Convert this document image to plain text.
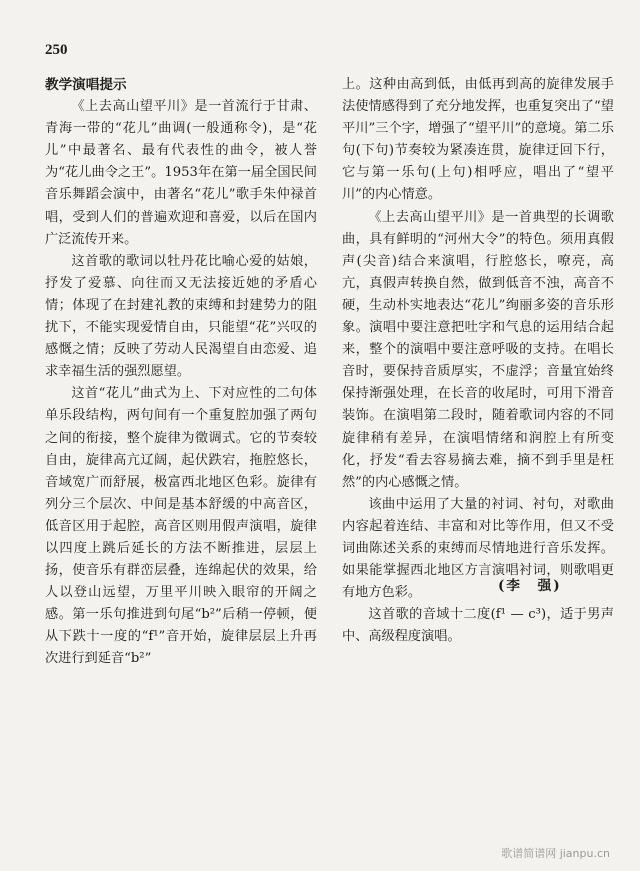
250
教学演唱提示

《上去高山望平川》是一首流行于甘肃、青海一带的“花儿”曲调(一般通称令)，是“花儿”中最著名、最有代表性的曲令，被人誉为“花儿曲令之王”。1953年在第一届全国民间音乐舞蹈会演中，由著名“花儿”歌手朱仲禄首唱，受到人们的普遍欢迎和喜爱，以后在国内广泛流传开来。

这首歌的歌词以牡丹花比喻心爱的姑娘，抒发了爱慕、向往而又无法接近她的矛盾心情；体现了在封建礼教的束缚和封建势力的阻扰下，不能实现爱情自由，只能望“花”兴叹的感慨之情；反映了劳动人民渴望自由恋爱、追求幸福生活的强烈愿望。

这首“花儿”曲式为上、下对应性的二句体单乐段结构，两句间有一个重复腔加强了两句之间的衔接，整个旋律为徵调式。它的节奏较自由，旋律高亢辽阔，起伏跌宕，拖腔悠长，音域宽广而舒展，极富西北地区色彩。旋律有列分三个层次、中间是基本舒缓的中高音区，低音区用于起腔，高音区则用假声演唱，旋律以四度上跳后延长的方法不断推进，层层上扬，使音乐有群峦层叠，连绵起伏的效果，给人以登山远望，万里平川映入眼帘的开阔之感。第一乐句推进到句尾“b²”后稍一停顿，便从下跌十一度的“f¹”音开始，旋律层层上升再次进行到延音“b²”

上。这种由高到低，由低再到高的旋律发展手法使情感得到了充分地发挥，也重复突出了“望平川”三个字，增强了“望平川”的意境。第二乐句(下句)节奏较为紧凑连贯，旋律迂回下行，它与第一乐句(上句)相呼应，唱出了“望平川”的内心情意。

《上去高山望平川》是一首典型的长调歌曲，具有鲜明的“河州大令”的特色。须用真假声(尖音)结合来演唱，行腔悠长，嘹亮，高亢，真假声转换自然，做到低音不浊，高音不硬，生动朴实地表达“花儿”绚丽多姿的音乐形象。演唱中要注意把吐字和气息的运用结合起来，整个的演唱中要注意呼吸的支持。在唱长音时，要保持音质厚实，不虚浮；音量宜始终保持渐强处理，在长音的收尾时，可用下滑音装饰。在演唱第二段时，随着歌词内容的不同旋律稍有差异，在演唱情绪和润腔上有所变化，抒发“看去容易摘去难，摘不到手里是枉然”的内心感慨之情。

该曲中运用了大量的衬词、衬句，对歌曲内容起着连结、丰富和对比等作用，但又不受词曲陈述关系的束缚而尽情地进行音乐发挥。如果能掌握西北地区方言演唱衬词，则歌唱更有地方色彩。

这首歌的音域十二度(f¹ — c³)，适于男声中、高级程度演唱。

(李　强)
歌谱简谱网 jianpu.cn
